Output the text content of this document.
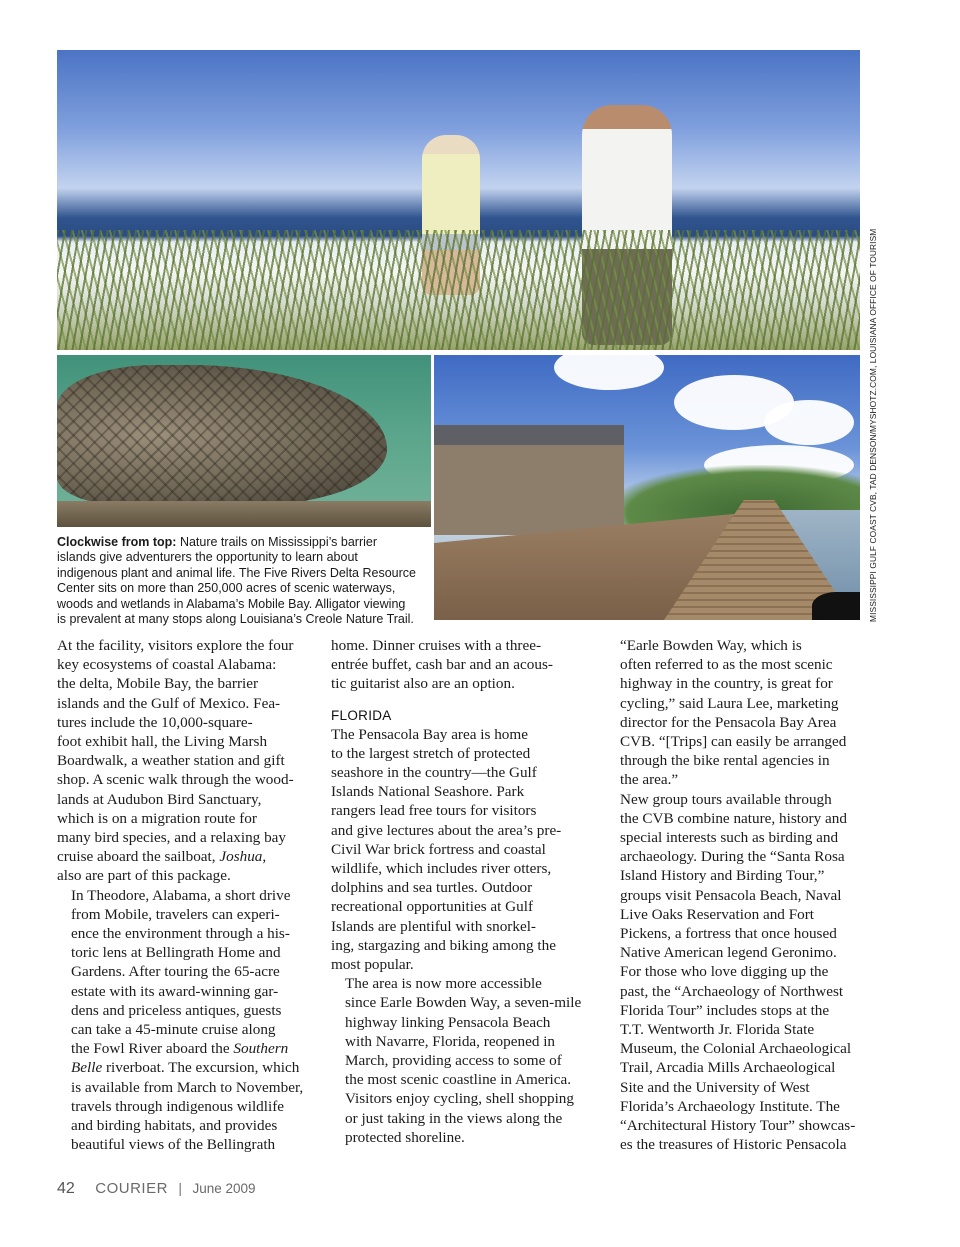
Clockwise from top: Nature trails on Mississippi’s barrier
islands give adventurers the opportunity to learn about
indigenous plant and animal life. The Five Rivers Delta Resource
Center sits on more than 250,000 acres of scenic waterways,
woods and wetlands in Alabama’s Mobile Bay. Alligator viewing
is prevalent at many stops along Louisiana’s Creole Nature Trail.	MISSISSIPPI GULF COAST CVB, TAD DENSON/MYSHOTZ.COM, LOUISIANA OFFICE OF TOURISM

At the facility, visitors explore the four
key ecosystems of coastal Alabama:
the delta, Mobile Bay, the barrier
islands and the Gulf of Mexico. Fea-
tures include the 10,000-square-
foot exhibit hall, the Living Marsh
Boardwalk, a weather station and gift
shop. A scenic walk through the wood-
lands at Audubon Bird Sanctuary,
which is on a migration route for
many bird species, and a relaxing bay
cruise aboard the sailboat, Joshua,
also are part of this package.

In Theodore, Alabama, a short drive
from Mobile, travelers can experi-
ence the environment through a his-
toric lens at Bellingrath Home and
Gardens. After touring the 65-acre
estate with its award-winning gar-
dens and priceless antiques, guests
can take a 45-minute cruise along
the Fowl River aboard the Southern
Belle riverboat. The excursion, which
is available from March to November,
travels through indigenous wildlife
and birding habitats, and provides
beautiful views of the Bellingrath

home. Dinner cruises with a three-
entrée buffet, cash bar and an acous-
tic guitarist also are an option.

FLORIDA

The Pensacola Bay area is home
to the largest stretch of protected
seashore in the country—the Gulf
Islands National Seashore. Park
rangers lead free tours for visitors
and give lectures about the area’s pre-
Civil War brick fortress and coastal
wildlife, which includes river otters,
dolphins and sea turtles. Outdoor
recreational opportunities at Gulf
Islands are plentiful with snorkel-
ing, stargazing and biking among the
most popular.

The area is now more accessible
since Earle Bowden Way, a seven-mile
highway linking Pensacola Beach
with Navarre, Florida, reopened in
March, providing access to some of
the most scenic coastline in America.
Visitors enjoy cycling, shell shopping
or just taking in the views along the
protected shoreline.

“Earle Bowden Way, which is
often referred to as the most scenic
highway in the country, is great for
cycling,” said Laura Lee, marketing
director for the Pensacola Bay Area
CVB. “[Trips] can easily be arranged
through the bike rental agencies in
the area.”

New group tours available through
the CVB combine nature, history and
special interests such as birding and
archaeology. During the “Santa Rosa
Island History and Birding Tour,”
groups visit Pensacola Beach, Naval
Live Oaks Reservation and Fort
Pickens, a fortress that once housed
Native American legend Geronimo.
For those who love digging up the
past, the “Archaeology of Northwest
Florida Tour” includes stops at the
T.T. Wentworth Jr. Florida State
Museum, the Colonial Archaeological
Trail, Arcadia Mills Archaeological
Site and the University of West
Florida’s Archaeology Institute. The
“Architectural History Tour” showcas-
es the treasures of Historic Pensacola

42 COURIER | June 2009
